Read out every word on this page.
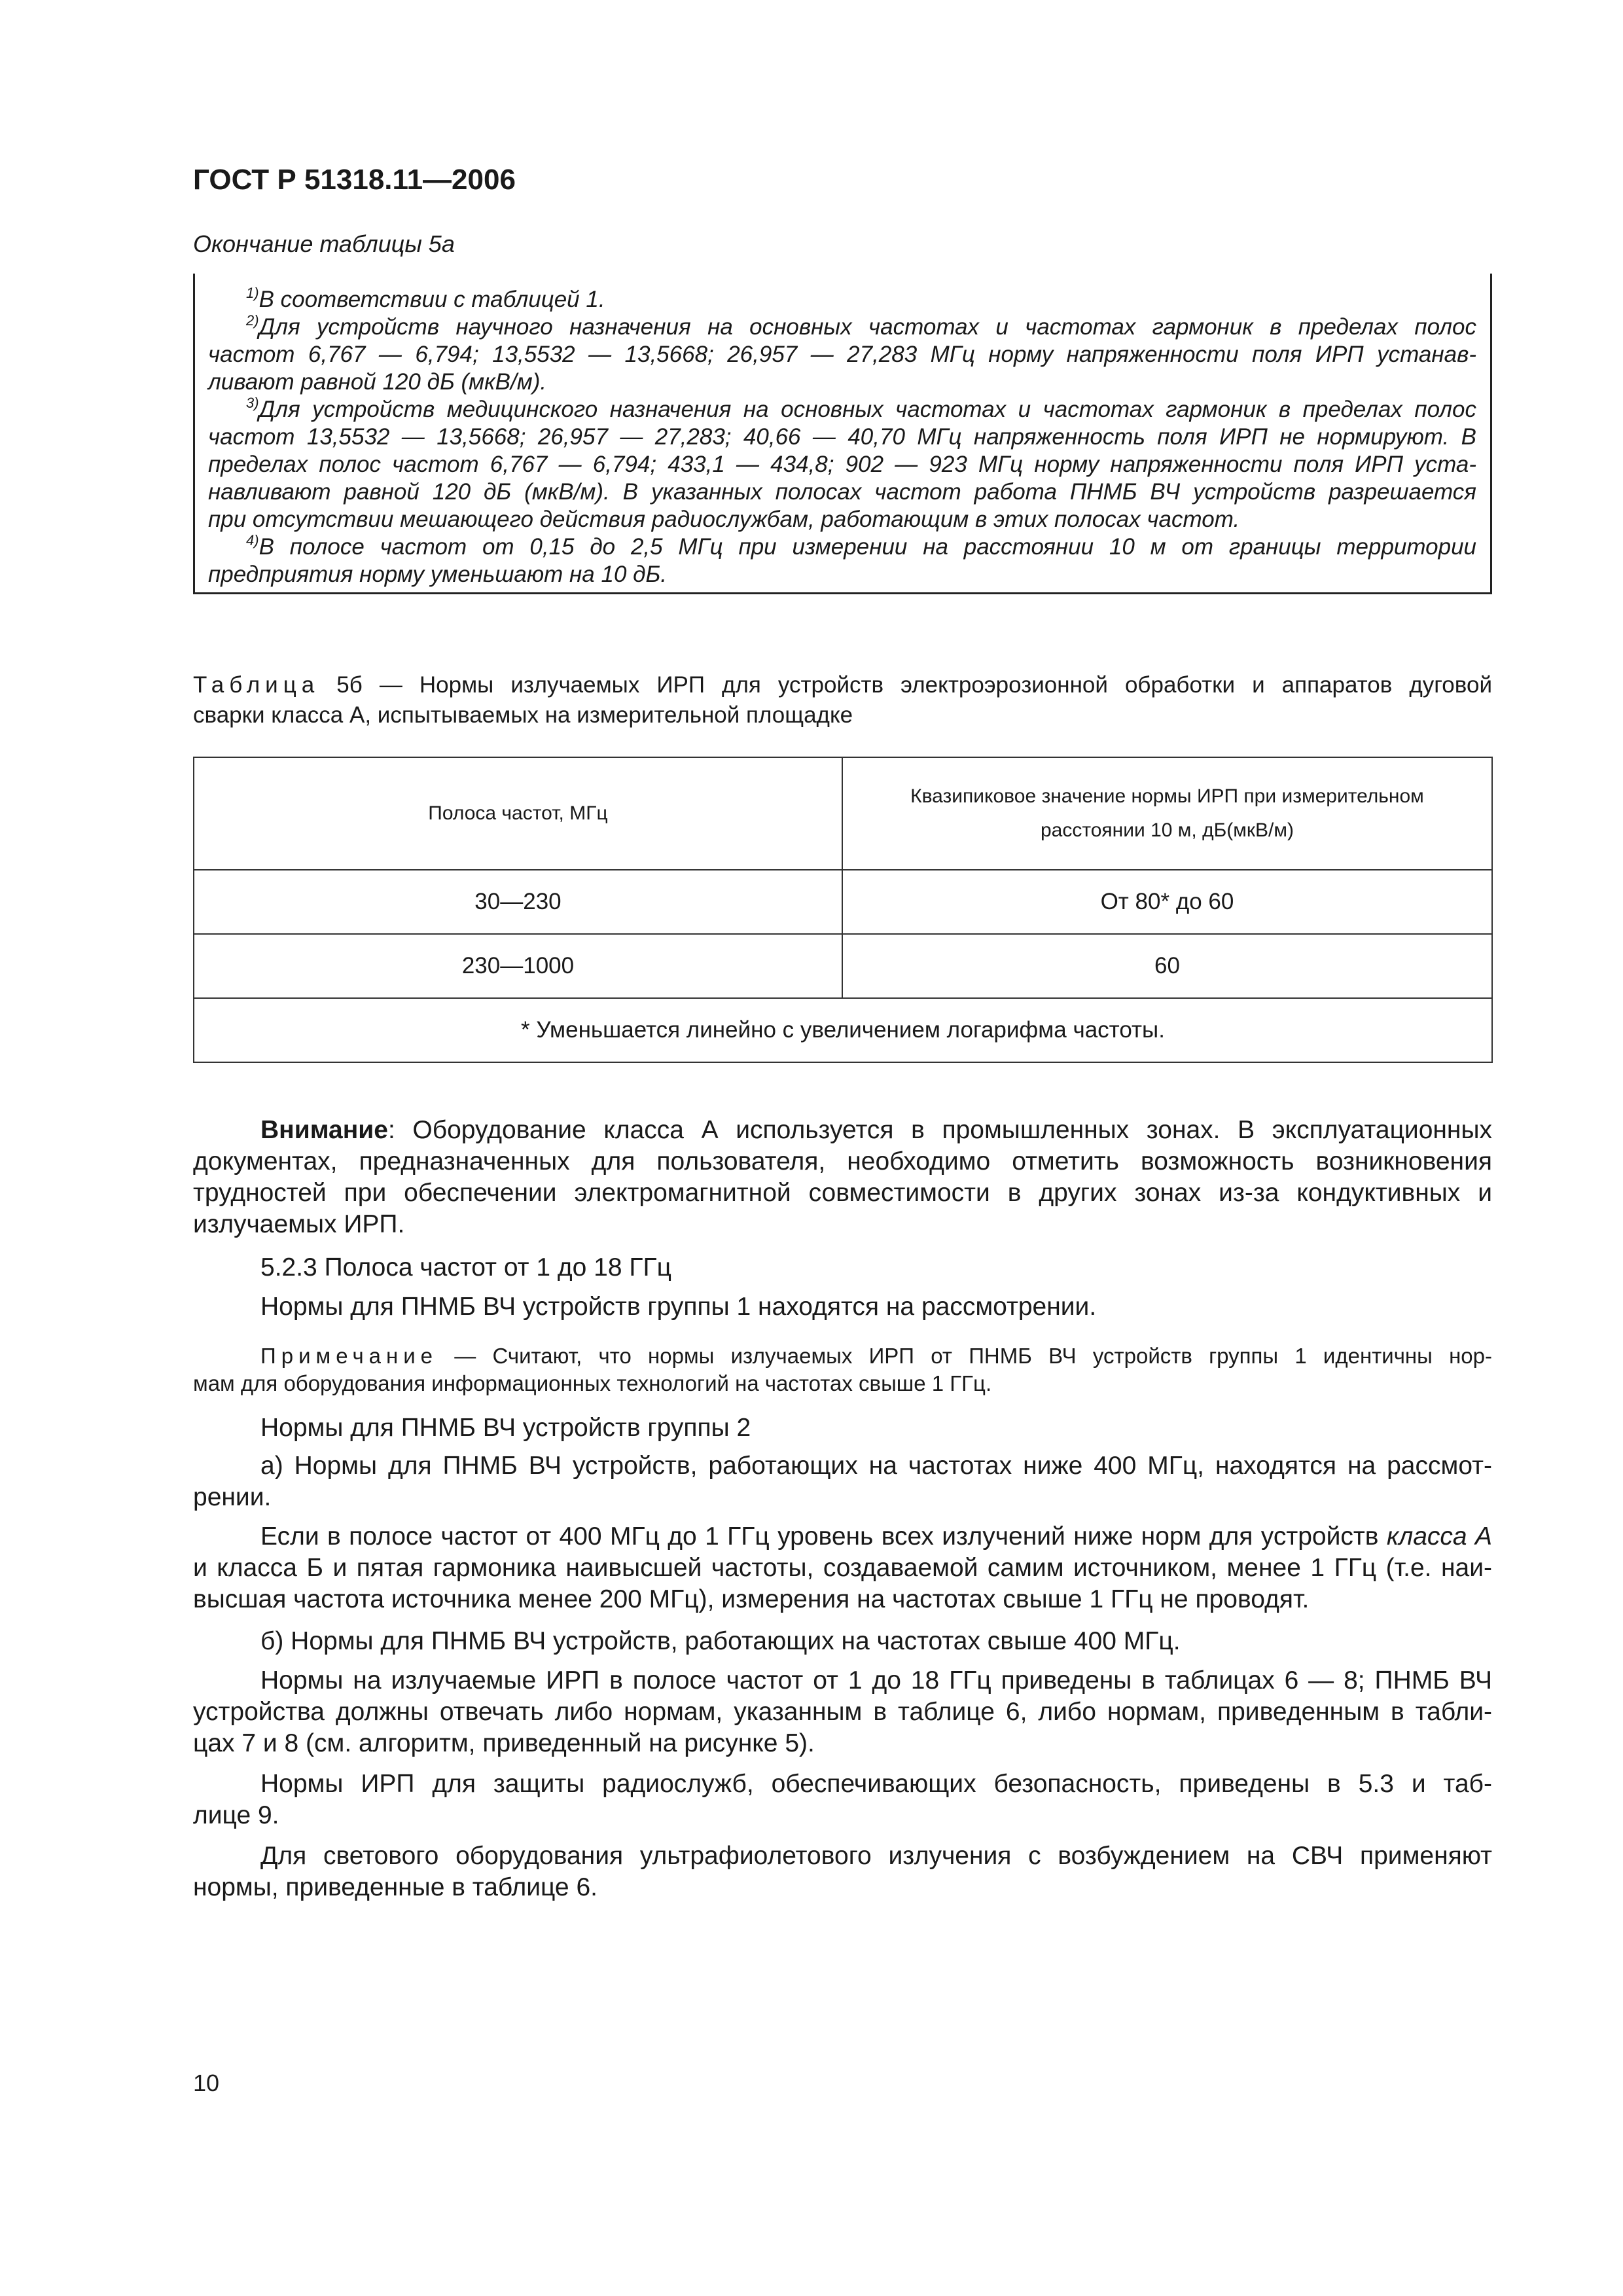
ГОСТ Р 51318.11—2006
Окончание таблицы 5а
$^{1)}$В соответствии с таблицей 1.
$^{2)}$Для устройств научного назначения на основных частотах и частотах гармоник в пределах полос
частот 6,767 — 6,794; 13,5532 — 13,5668; 26,957 — 27,283 МГц норму напряженности поля ИРП устанав-
ливают равной 120 дБ (мкВ/м).
$^{3)}$Для устройств медицинского назначения на основных частотах и частотах гармоник в пределах полос
частот 13,5532 — 13,5668; 26,957 — 27,283; 40,66 — 40,70 МГц напряженность поля ИРП не нормируют. В
пределах полос частот 6,767 — 6,794; 433,1 — 434,8; 902 — 923 МГц норму напряженности поля ИРП уста-
навливают равной 120 дБ (мкВ/м). В указанных полосах частот работа ПНМБ ВЧ устройств разрешается
при отсутствии мешающего действия радиослужбам, работающим в этих полосах частот.
$^{4)}$В полосе частот от 0,15 до 2,5 МГц при измерении на расстоянии 10 м от границы территории
предприятия норму уменьшают на 10 дБ.
Таблица 5б — Нормы излучаемых ИРП для устройств электроэрозионной обработки и аппаратов дуговой
сварки класса А, испытываемых на измерительной площадке
Полоса частот, МГц	Квазипиковое значение нормы ИРП при измерительном
расстоянии 10 м, дБ(мкВ/м)

30—230	От 80* до 60
230—1000	60
* Уменьшается линейно с увеличением логарифма частоты.	
Внимание: Оборудование класса А используется в промышленных зонах. В эксплуатационных
документах, предназначенных для пользователя, необходимо отметить возможность возникновения
трудностей при обеспечении электромагнитной совместимости в других зонах из-за кондуктивных и
излучаемых ИРП.
5.2.3 Полоса частот от 1 до 18 ГГц
Нормы для ПНМБ ВЧ устройств группы 1 находятся на рассмотрении.
Примечание — Считают, что нормы излучаемых ИРП от ПНМБ ВЧ устройств группы 1 идентичны нор-
мам для оборудования информационных технологий на частотах свыше 1 ГГц.
Нормы для ПНМБ ВЧ устройств группы 2
а) Нормы для ПНМБ ВЧ устройств, работающих на частотах ниже 400 МГц, находятся на рассмот-
рении.
Если в полосе частот от 400 МГц до 1 ГГц уровень всех излучений ниже норм для устройств класса А
и класса Б и пятая гармоника наивысшей частоты, создаваемой самим источником, менее 1 ГГц (т.е. наи-
высшая частота источника менее 200 МГц), измерения на частотах свыше 1 ГГц не проводят.
б) Нормы для ПНМБ ВЧ устройств, работающих на частотах свыше 400 МГц.
Нормы на излучаемые ИРП в полосе частот от 1 до 18 ГГц приведены в таблицах 6 — 8; ПНМБ ВЧ
устройства должны отвечать либо нормам, указанным в таблице 6, либо нормам, приведенным в табли-
цах 7 и 8 (см. алгоритм, приведенный на рисунке 5).
Нормы ИРП для защиты радиослужб, обеспечивающих безопасность, приведены в 5.3 и таб-
лице 9.
Для светового оборудования ультрафиолетового излучения с возбуждением на СВЧ применяют
нормы, приведенные в таблице 6.
10
